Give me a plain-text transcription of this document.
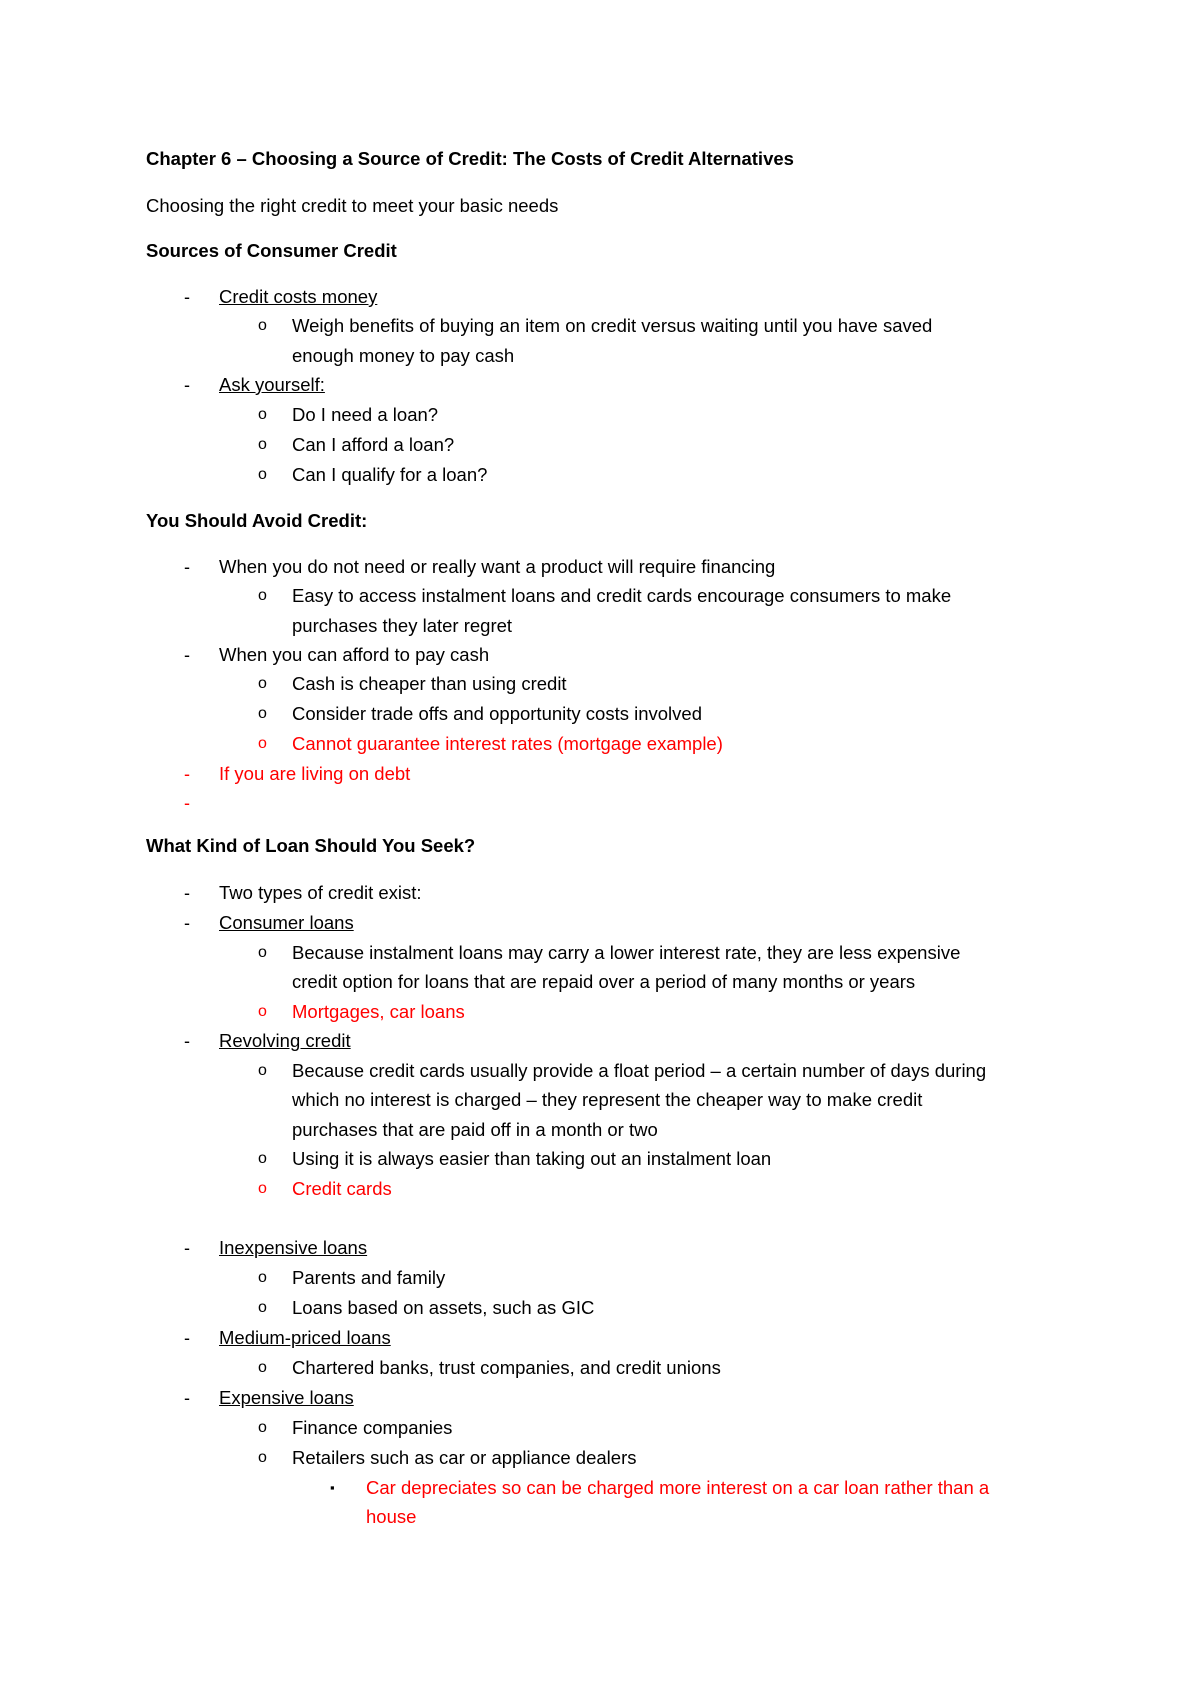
Chapter 6 – Choosing a Source of Credit: The Costs of Credit Alternatives

Choosing the right credit to meet your basic needs

Sources of Consumer Credit

- Credit costs money
o Weigh benefits of buying an item on credit versus waiting until you have saved
enough money to pay cash
- Ask yourself:
o Do I need a loan?
o Can I afford a loan?
o Can I qualify for a loan?

You Should Avoid Credit:

- When you do not need or really want a product will require financing
o Easy to access instalment loans and credit cards encourage consumers to make
purchases they later regret
- When you can afford to pay cash
o Cash is cheaper than using credit
o Consider trade offs and opportunity costs involved
o Cannot guarantee interest rates (mortgage example)
- If you are living on debt
-

What Kind of Loan Should You Seek?

- Two types of credit exist:
- Consumer loans
o Because instalment loans may carry a lower interest rate, they are less expensive
credit option for loans that are repaid over a period of many months or years
o Mortgages, car loans
- Revolving credit
o Because credit cards usually provide a float period – a certain number of days during
which no interest is charged – they represent the cheaper way to make credit
purchases that are paid off in a month or two
o Using it is always easier than taking out an instalment loan
o Credit cards
- Inexpensive loans
o Parents and family
o Loans based on assets, such as GIC
- Medium-priced loans
o Chartered banks, trust companies, and credit unions
- Expensive loans
o Finance companies
o Retailers such as car or appliance dealers
▪ Car depreciates so can be charged more interest on a car loan rather than a
house
